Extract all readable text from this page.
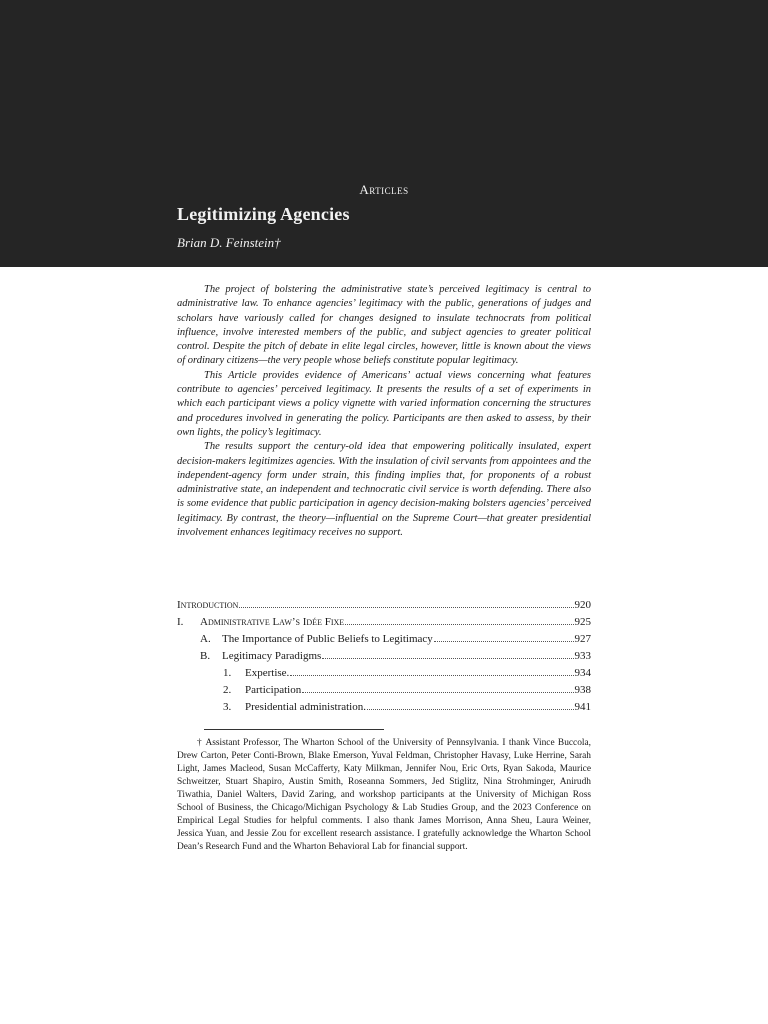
Articles
Legitimizing Agencies
Brian D. Feinstein†

The project of bolstering the administrative state’s perceived legitimacy is central to administrative law. To enhance agencies’ legitimacy with the public, generations of judges and scholars have variously called for changes designed to insulate technocrats from political influence, involve interested members of the public, and subject agencies to greater political control. Despite the pitch of debate in elite legal circles, however, little is known about the views of ordinary citizens—the very people whose beliefs constitute popular legitimacy.

This Article provides evidence of Americans’ actual views concerning what features contribute to agencies’ perceived legitimacy. It presents the results of a set of experiments in which each participant views a policy vignette with varied information concerning the structures and procedures involved in generating the policy. Participants are then asked to assess, by their own lights, the policy’s legitimacy.

The results support the century-old idea that empowering politically insulated, expert decision-makers legitimizes agencies. With the insulation of civil servants from appointees and the independent-agency form under strain, this finding implies that, for proponents of a robust administrative state, an independent and technocratic civil service is worth defending. There also is some evidence that public participation in agency decision-making bolsters agencies’ perceived legitimacy. By contrast, the theory—influential on the Supreme Court—that greater presidential involvement enhances legitimacy receives no support.

Introduction	920
I.	Administrative Law’s Idée Fixe	925
A.	The Importance of Public Beliefs to Legitimacy	927
B.	Legitimacy Paradigms	933
1.	Expertise.	934
2.	Participation	938
3.	Presidential administration.	941
† Assistant Professor, The Wharton School of the University of Pennsylvania. I thank Vince Buccola, Drew Carton, Peter Conti-Brown, Blake Emerson, Yuval Feldman, Christopher Havasy, Luke Herrine, Sarah Light, James Macleod, Susan McCafferty, Katy Milkman, Jennifer Nou, Eric Orts, Ryan Sakoda, Maurice Schweitzer, Stuart Shapiro, Austin Smith, Roseanna Sommers, Jed Stiglitz, Nina Strohminger, Anirudh Tiwathia, Daniel Walters, David Zaring, and workshop participants at the University of Michigan Ross School of Business, the Chicago/Michigan Psychology & Lab Studies Group, and the 2023 Conference on Empirical Legal Studies for helpful comments. I also thank James Morrison, Anna Sheu, Laura Weiner, Jessica Yuan, and Jessie Zou for excellent research assistance. I gratefully acknowledge the Wharton School Dean’s Research Fund and the Wharton Behavioral Lab for financial support.
